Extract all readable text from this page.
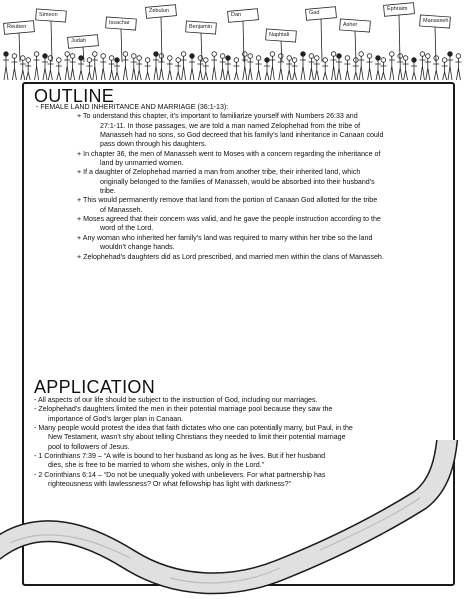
Reuben
Simeon
Judah
Issachar
Zebulun
Benjamin
Dan
Naphtali
Gad
Asher
Ephraim
Manasseh
OUTLINE

- FEMALE LAND INHERITANCE AND MARRIAGE (36:1-13):

+ To understand this chapter, it’s important to familiarize yourself with Numbers 26:33 and
27:1-11. In those passages, we are told a man named Zelophehad from the tribe of
Manasseh had no sons, so God decreed that his family’s land inheritance in Canaan could
pass down through his daughters.

+ In chapter 36, the men of Manasseh went to Moses with a concern regarding the inheritance of
land by unmarried women.

+ If a daughter of Zelophehad married a man from another tribe, their inherited land, which
originally belonged to the families of Manasseh, would be absorbed into their husband’s
tribe.

+ This would permanently remove that land from the portion of Canaan God allotted for the tribe
of Manasseh.

+ Moses agreed that their concern was valid, and he gave the people instruction according to the
word of the Lord.

+ Any woman who inherited her family’s land was required to marry within her tribe so the land
wouldn’t change hands.

+ Zelophehad’s daughters did as Lord prescribed, and married men within the clans of Manasseh.

APPLICATION

- All aspects of our life should be subject to the instruction of God, including our marriages.

- Zelophehad’s daughters limited the men in their potential marriage pool because they saw the
importance of God’s larger plan in Canaan.

- Many people would protest the idea that faith dictates who one can potentially marry, but Paul, in the
New Testament, wasn’t shy about telling Christians they needed to limit their potential marriage
pool to followers of Jesus.

- 1 Corinthians 7:39 – “A wife is bound to her husband as long as he lives. But if her husband
dies, she is free to be married to whom she wishes, only in the Lord.”

- 2 Corinthians 6:14 – “Do not be unequally yoked with unbelievers. For what partnership has
righteousness with lawlessness? Or what fellowship has light with darkness?”
